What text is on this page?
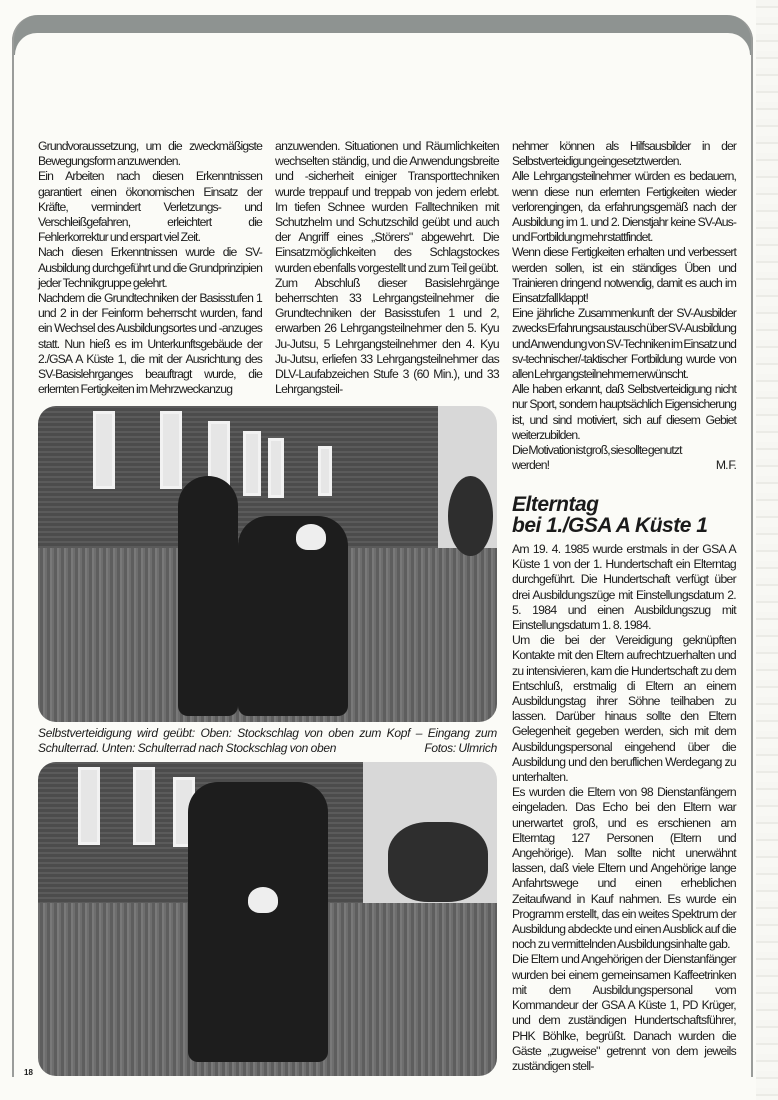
Grundvoraussetzung, um die zweckmäßigste Bewegungsform anzuwenden.

Ein Arbeiten nach diesen Erkenntnissen garantiert einen ökonomischen Einsatz der Kräfte, vermindert Verletzungs- und Verschleißgefahren, erleichtert die Fehlerkorrektur und erspart viel Zeit.

Nach diesen Erkenntnissen wurde die SV-Ausbildung durchgeführt und die Grundprinzipien jeder Technikgruppe gelehrt.

Nachdem die Grundtechniken der Basisstufen 1 und 2 in der Feinform beherrscht wurden, fand ein Wechsel des Ausbildungsortes und -anzuges statt. Nun hieß es im Unterkunftsgebäude der 2./GSA A Küste 1, die mit der Ausrichtung des SV-Basislehrganges beauftragt wurde, die erlernten Fertigkeiten im Mehrzweckanzug

anzuwenden. Situationen und Räumlichkeiten wechselten ständig, und die Anwendungsbreite und -sicherheit einiger Transporttechniken wurde treppauf und treppab von jedem erlebt. Im tiefen Schnee wurden Falltechniken mit Schutzhelm und Schutzschild geübt und auch der Angriff eines „Störers" abgewehrt. Die Einsatzmöglichkeiten des Schlagstockes wurden ebenfalls vorgestellt und zum Teil geübt.

Zum Abschluß dieser Basislehrgänge beherrschten 33 Lehrgangsteilnehmer die Grundtechniken der Basisstufen 1 und 2, erwarben 26 Lehrgangsteilnehmer den 5. Kyu Ju-Jutsu, 5 Lehrgangsteilnehmer den 4. Kyu Ju-Jutsu, erliefen 33 Lehrgangsteilnehmer das DLV-Laufabzeichen Stufe 3 (60 Min.), und 33 Lehrgangsteil-

nehmer können als Hilfsausbilder in der Selbstverteidigung eingesetzt werden.

Alle Lehrgangsteilnehmer würden es bedauern, wenn diese nun erlernten Fertigkeiten wieder verlorengingen, da erfahrungsgemäß nach der Ausbildung im 1. und 2. Dienstjahr keine SV-Aus- und Fortbildung mehr stattfindet.

Wenn diese Fertigkeiten erhalten und verbessert werden sollen, ist ein ständiges Üben und Trainieren dringend notwendig, damit es auch im Einsatzfall klappt!

Eine jährliche Zusammenkunft der SV-Ausbilder zwecks Erfahrungsaustausch über SV-Ausbildung und Anwendung von SV-Techniken im Einsatz und sv-technischer/-taktischer Fortbildung wurde von allen Lehrgangsteilnehmern erwünscht.

Alle haben erkannt, daß Selbstverteidigung nicht nur Sport, sondern hauptsächlich Eigensicherung ist, und sind motiviert, sich auf diesem Gebiet weiterzubilden.

Die Motivation ist groß, sie sollte genutzt

werden!	M. F.

Elterntag
bei 1./GSA A Küste 1

Am 19. 4. 1985 wurde erstmals in der GSA A Küste 1 von der 1. Hundertschaft ein Elterntag durchgeführt. Die Hundertschaft verfügt über drei Ausbildungszüge mit Einstellungsdatum 2. 5. 1984 und einen Ausbildungszug mit Einstellungsdatum 1. 8. 1984.

Um die bei der Vereidigung geknüpften Kontakte mit den Eltern aufrechtzuerhalten und zu intensivieren, kam die Hundertschaft zu dem Entschluß, erstmalig di Eltern an einem Ausbildungstag ihrer Söhne teilhaben zu lassen. Darüber hinaus sollte den Eltern Gelegenheit gegeben werden, sich mit dem Ausbildungspersonal eingehend über die Ausbildung und den beruflichen Werdegang zu unterhalten.

Es wurden die Eltern von 98 Dienstanfängern eingeladen. Das Echo bei den Eltern war unerwartet groß, und es erschienen am Elterntag 127 Personen (Eltern und Angehörige). Man sollte nicht unerwähnt lassen, daß viele Eltern und Angehörige lange Anfahrtswege und einen erheblichen Zeitaufwand in Kauf nahmen. Es wurde ein Programm erstellt, das ein weites Spektrum der Ausbildung abdeckte und einen Ausblick auf die noch zu vermittelnden Ausbildungsinhalte gab.

Die Eltern und Angehörigen der Dienstanfänger wurden bei einem gemeinsamen Kaffeetrinken mit dem Ausbildungspersonal vom Kommandeur der GSA A Küste 1, PD Krüger, und dem zuständigen Hundertschaftsführer, PHK Böhlke, begrüßt. Danach wurden die Gäste „zugweise" getrennt von dem jeweils zuständigen stell-

Selbstverteidigung wird geübt: Oben: Stockschlag von oben zum Kopf – Eingang zum Schulterrad. Unten: Schulterrad nach Stockschlag von oben	Fotos: Ulmrich
18
